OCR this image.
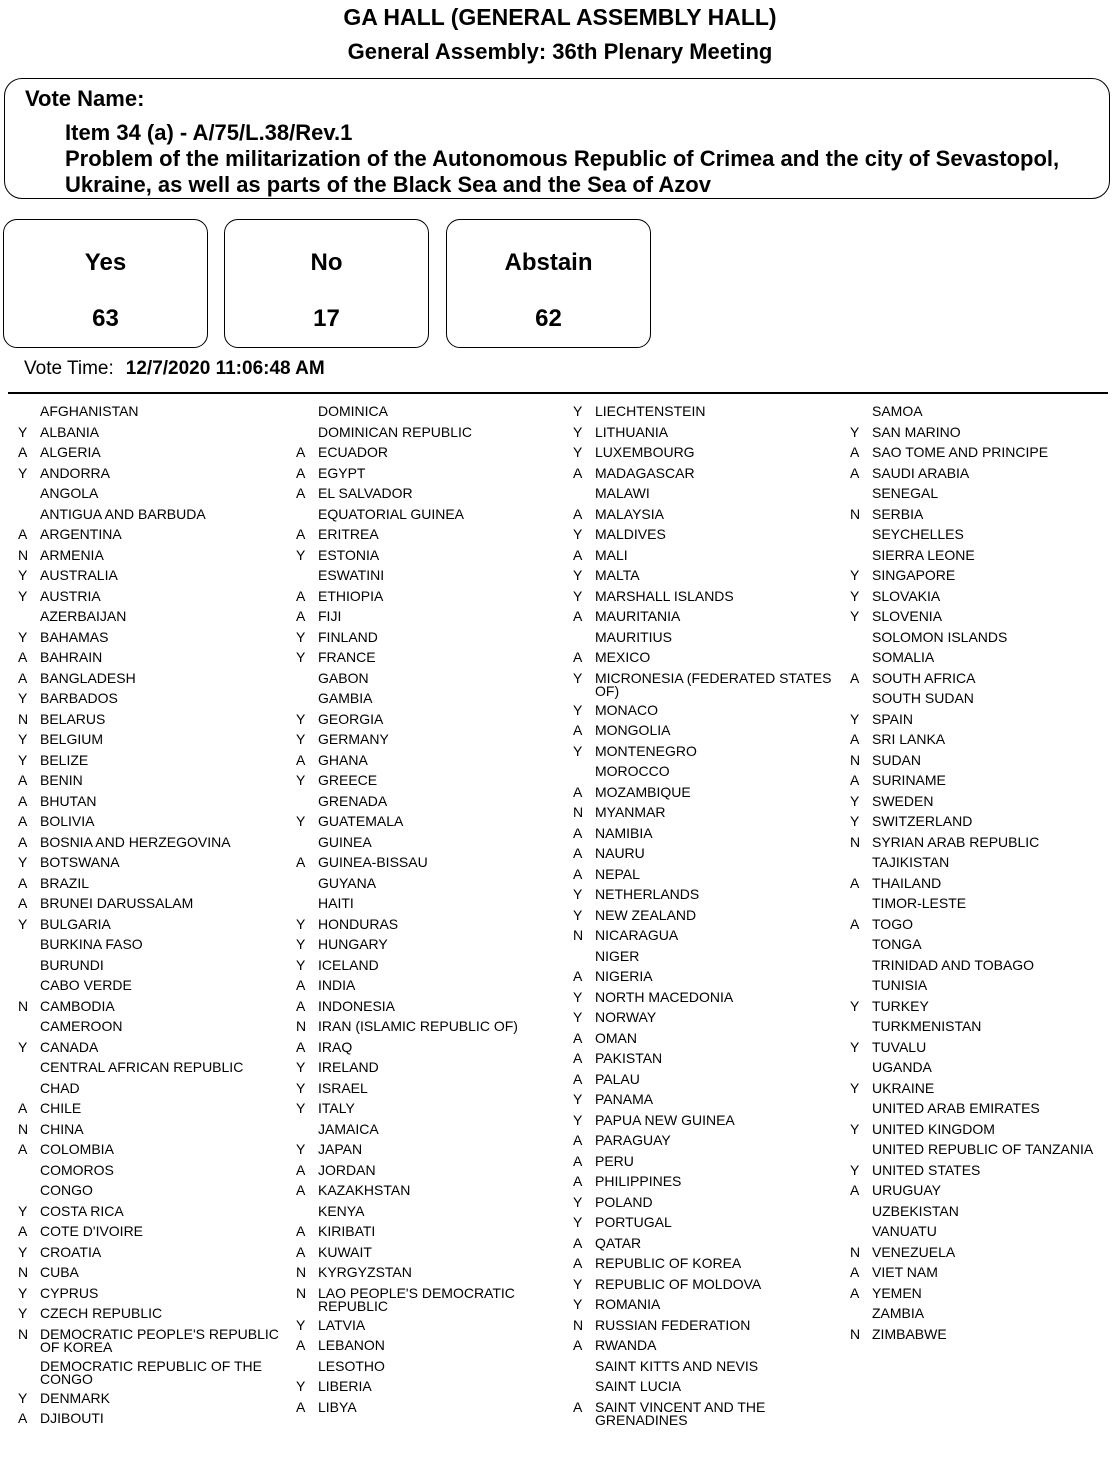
GA HALL (GENERAL ASSEMBLY HALL)
General Assembly: 36th Plenary Meeting
Vote Name:
Item 34 (a) - A/75/L.38/Rev.1
Problem of the militarization of the Autonomous Republic of Crimea and the city of Sevastopol, Ukraine, as well as parts of the Black Sea and the Sea of Azov
Yes
63
No
17
Abstain
62
Vote Time: 12/7/2020 11:06:48 AM
AFGHANISTAN
Y ALBANIA
A ALGERIA
Y ANDORRA
ANGOLA
ANTIGUA AND BARBUDA
A ARGENTINA
N ARMENIA
Y AUSTRALIA
Y AUSTRIA
AZERBAIJAN
Y BAHAMAS
A BAHRAIN
A BANGLADESH
Y BARBADOS
N BELARUS
Y BELGIUM
Y BELIZE
A BENIN
A BHUTAN
A BOLIVIA
A BOSNIA AND HERZEGOVINA
Y BOTSWANA
A BRAZIL
A BRUNEI DARUSSALAM
Y BULGARIA
BURKINA FASO
BURUNDI
CABO VERDE
N CAMBODIA
CAMEROON
Y CANADA
CENTRAL AFRICAN REPUBLIC
CHAD
A CHILE
N CHINA
A COLOMBIA
COMOROS
CONGO
Y COSTA RICA
A COTE D'IVOIRE
Y CROATIA
N CUBA
Y CYPRUS
Y CZECH REPUBLIC
N DEMOCRATIC PEOPLE'S REPUBLIC OF KOREA
DEMOCRATIC REPUBLIC OF THE CONGO
Y DENMARK
A DJIBOUTI
DOMINICA
DOMINICAN REPUBLIC
A ECUADOR
A EGYPT
A EL SALVADOR
EQUATORIAL GUINEA
A ERITREA
Y ESTONIA
ESWATINI
A ETHIOPIA
A FIJI
Y FINLAND
Y FRANCE
GABON
GAMBIA
Y GEORGIA
Y GERMANY
A GHANA
Y GREECE
GRENADA
Y GUATEMALA
GUINEA
A GUINEA-BISSAU
GUYANA
HAITI
Y HONDURAS
Y HUNGARY
Y ICELAND
A INDIA
A INDONESIA
N IRAN (ISLAMIC REPUBLIC OF)
A IRAQ
Y IRELAND
Y ISRAEL
Y ITALY
JAMAICA
Y JAPAN
A JORDAN
A KAZAKHSTAN
KENYA
A KIRIBATI
A KUWAIT
N KYRGYZSTAN
N LAO PEOPLE'S DEMOCRATIC REPUBLIC
Y LATVIA
A LEBANON
LESOTHO
Y LIBERIA
A LIBYA
Y LIECHTENSTEIN
Y LITHUANIA
Y LUXEMBOURG
A MADAGASCAR
MALAWI
A MALAYSIA
Y MALDIVES
A MALI
Y MALTA
Y MARSHALL ISLANDS
A MAURITANIA
MAURITIUS
A MEXICO
Y MICRONESIA (FEDERATED STATES OF)
Y MONACO
A MONGOLIA
Y MONTENEGRO
MOROCCO
A MOZAMBIQUE
N MYANMAR
A NAMIBIA
A NAURU
A NEPAL
Y NETHERLANDS
Y NEW ZEALAND
N NICARAGUA
NIGER
A NIGERIA
Y NORTH MACEDONIA
Y NORWAY
A OMAN
A PAKISTAN
A PALAU
Y PANAMA
Y PAPUA NEW GUINEA
A PARAGUAY
A PERU
A PHILIPPINES
Y POLAND
Y PORTUGAL
A QATAR
A REPUBLIC OF KOREA
Y REPUBLIC OF MOLDOVA
Y ROMANIA
N RUSSIAN FEDERATION
A RWANDA
SAINT KITTS AND NEVIS
SAINT LUCIA
A SAINT VINCENT AND THE GRENADINES
SAMOA
Y SAN MARINO
A SAO TOME AND PRINCIPE
A SAUDI ARABIA
SENEGAL
N SERBIA
SEYCHELLES
SIERRA LEONE
Y SINGAPORE
Y SLOVAKIA
Y SLOVENIA
SOLOMON ISLANDS
SOMALIA
A SOUTH AFRICA
SOUTH SUDAN
Y SPAIN
A SRI LANKA
N SUDAN
A SURINAME
Y SWEDEN
Y SWITZERLAND
N SYRIAN ARAB REPUBLIC
TAJIKISTAN
A THAILAND
TIMOR-LESTE
A TOGO
TONGA
TRINIDAD AND TOBAGO
TUNISIA
Y TURKEY
TURKMENISTAN
Y TUVALU
UGANDA
Y UKRAINE
UNITED ARAB EMIRATES
Y UNITED KINGDOM
UNITED REPUBLIC OF TANZANIA
Y UNITED STATES
A URUGUAY
UZBEKISTAN
VANUATU
N VENEZUELA
A VIET NAM
A YEMEN
ZAMBIA
N ZIMBABWE
